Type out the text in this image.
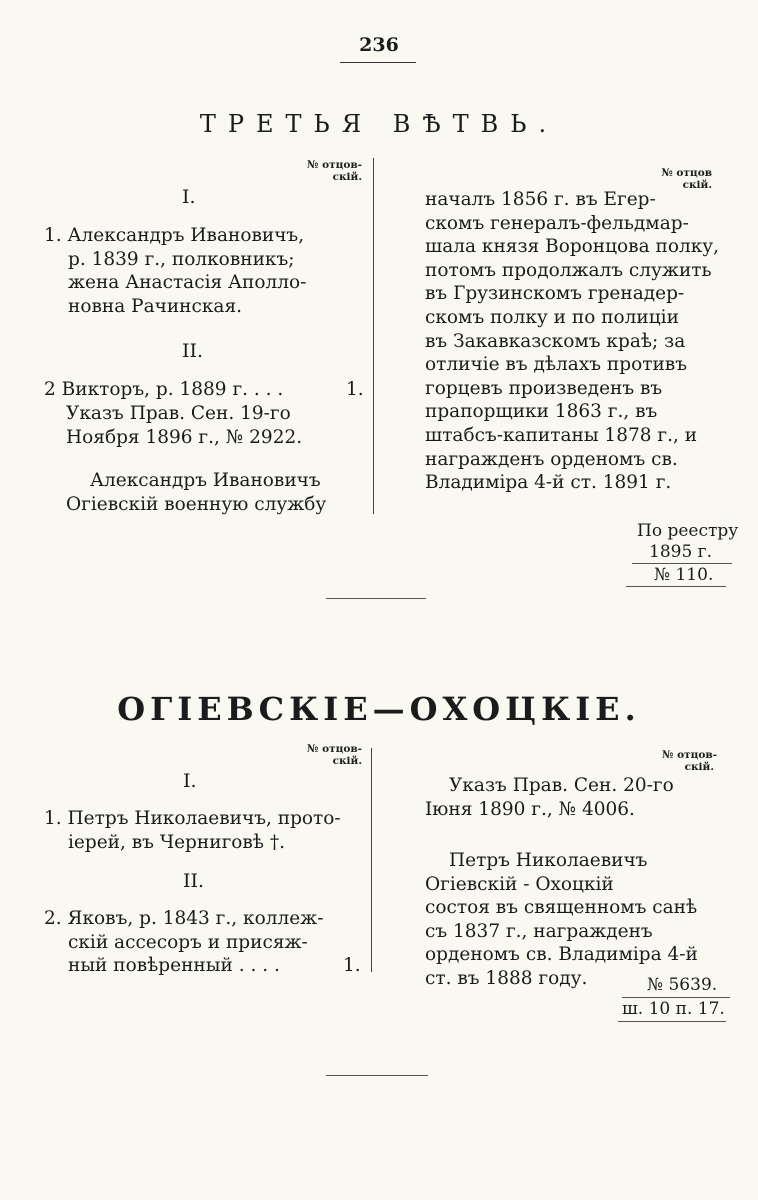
236
ТРЕТЬЯ ВѢТВЬ.
№ отцов-
скій.	№ отцов
скій.
I.
1. Александръ Ивановичъ,
р. 1839 г., полковникъ;
жена Анастасія Аполло-
новна Рачинская.
II.
2 Викторъ, р. 1889 г. . . .	1.
Указъ Прав. Сен. 19-го
Ноября 1896 г., № 2922.
Александръ Ивановичъ
Огіевскій военную службу
началъ 1856 г. въ Егер-
скомъ генералъ-фельдмар-
шала князя Воронцова полку,
потомъ продолжалъ служить
въ Грузинскомъ гренадер-
скомъ полку и по полиціи
въ Закавказскомъ краѣ; за
отличіе въ дѣлахъ противъ
горцевъ произведенъ въ
прапорщики 1863 г., въ
штабсъ-капитаны 1878 г., и
награжденъ орденомъ св.
Владиміра 4-й ст. 1891 г.
По реестру
1895 г.
№ 110.
ОГІЕВСКІЕ—ОХОЦКІЕ.
№ отцов-
скій.	№ отцов-
скій.
I.
1. Петръ Николаевичъ, прото-
іерей, въ Черниговѣ †.
II.
2. Яковъ, р. 1843 г., коллеж-
скій ассесоръ и присяж-
ный повѣренный . . . .	1.
Указъ Прав. Сен. 20-го
Іюня 1890 г., № 4006.
Петръ Николаевичъ
Огіевскій - Охоцкій
состоя въ священномъ санѣ
съ 1837 г., награжденъ
орденомъ св. Владиміра 4-й
ст. въ 1888 году.	№ 5639.
ш. 10 п. 17.
